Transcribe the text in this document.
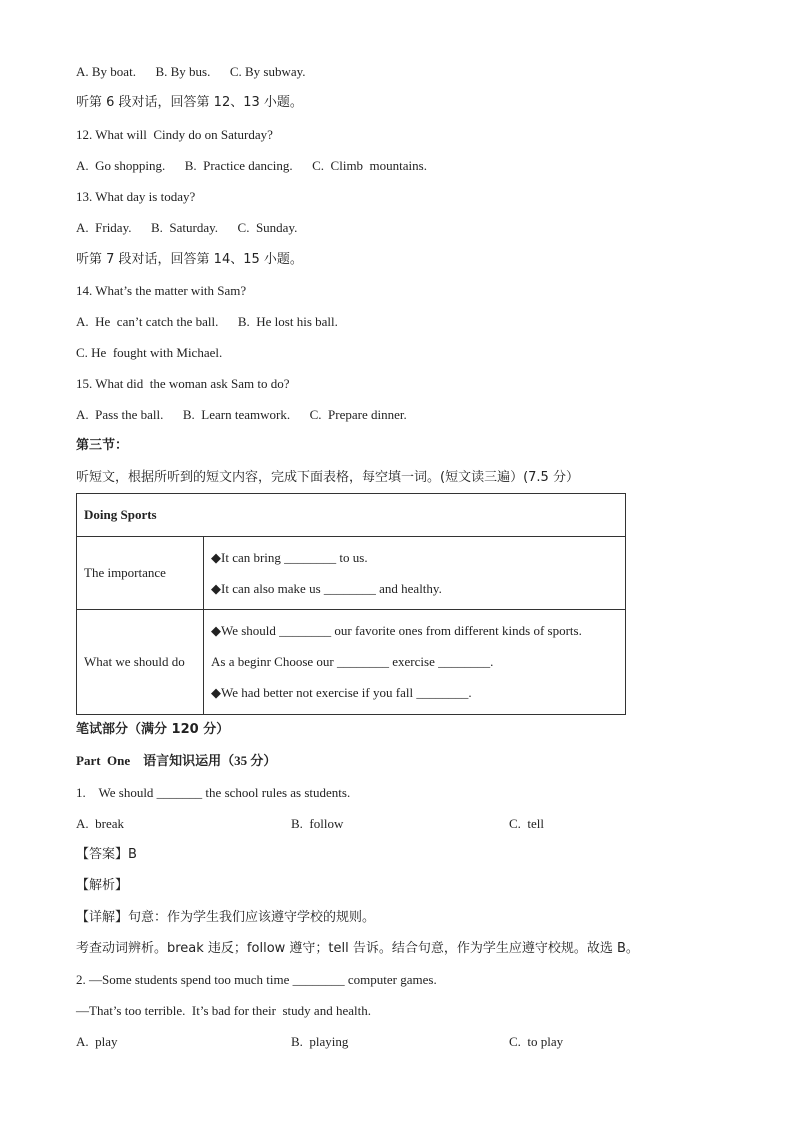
A. By boat.      B. By bus.      C. By subway.
听第 6 段对话，回答第 12、13 小题。
12. What will  Cindy do on Saturday?
A.  Go shopping.      B.  Practice dancing.      C.  Climb  mountains.
13. What day is today?
A.  Friday.      B.  Saturday.      C.  Sunday.
听第 7 段对话，回答第 14、15 小题。
14. What’s the matter with Sam?
A.  He  can’t catch the ball.      B.  He lost his ball.
C. He  fought with Michael.
15. What did  the woman ask Sam to do?
A.  Pass the ball.      B.  Learn teamwork.      C.  Prepare dinner.
第三节：
听短文，根据所听到的短文内容，完成下面表格，每空填一词。(短文读三遍）(7.5 分）
Doing Sports	
The importance	◆It can bring ________ to us.

◆It can also make us ________ and healthy.

What we should do	◆We should ________ our favorite ones from different kinds of sports.

As a beginr Choose our ________ exercise ________.

◆We had better not exercise if you fall ________.

笔试部分（满分 120 分）
Part  One    语言知识运用（35 分）
1.    We should _______ the school rules as students.
A.  break	B.  follow	C.  tell
【答案】B
【解析】
【详解】句意：作为学生我们应该遵守学校的规则。
考查动词辨析。break 违反；follow 遵守；tell 告诉。结合句意，作为学生应遵守校规。故选 B。
2. —Some students spend too much time ________ computer games.
—That’s too terrible.  It’s bad for their  study and health.
A.  play	B.  playing	C.  to play
